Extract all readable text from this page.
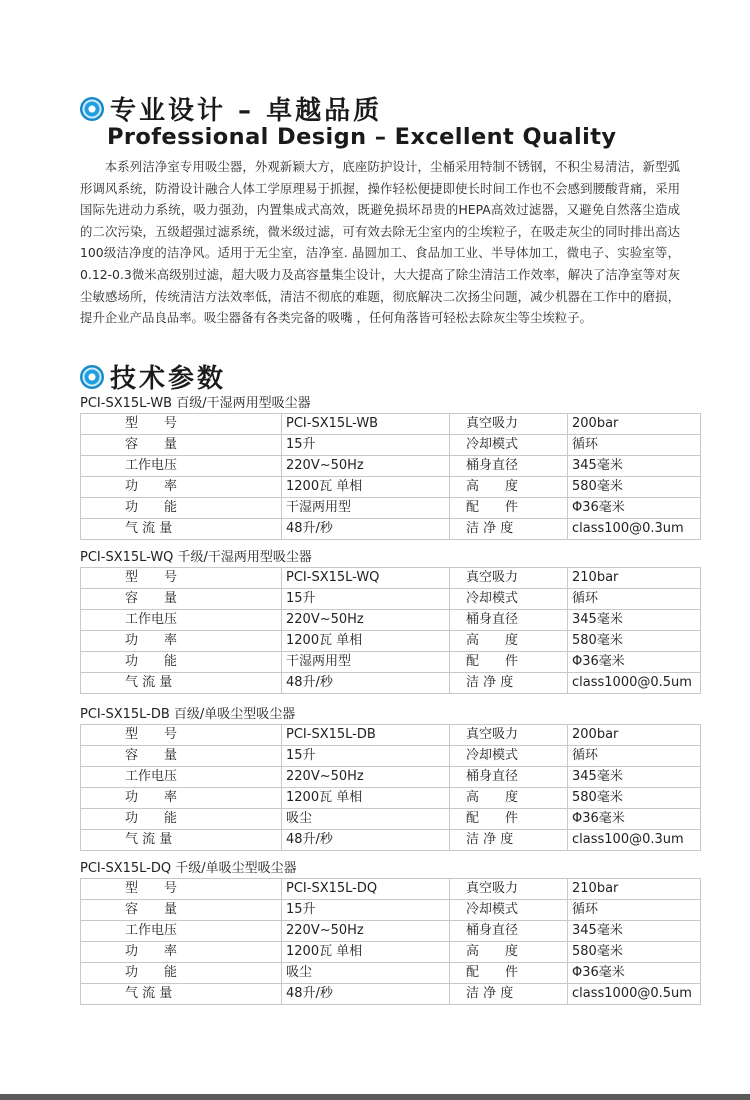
专业设计 – 卓越品质
Professional Design – Excellent Quality

本系列洁净室专用吸尘器，外观新颖大方，底座防护设计，尘桶采用特制不锈钢，不积尘易清洁，新型弧形调风系统，防滑设计融合人体工学原理易于抓握，操作轻松便捷即使长时间工作也不会感到腰酸背痛，采用国际先进动力系统，吸力强劲，内置集成式高效，既避免损坏昂贵的HEPA高效过滤器，又避免自然落尘造成的二次污染，五级超强过滤系统，微米级过滤，可有效去除无尘室内的尘埃粒子，在吸走灰尘的同时排出高达100级洁净度的洁净风。适用于无尘室，洁净室. 晶圆加工、食品加工业、半导体加工，微电子、实验室等，0.12-0.3微米高级别过滤，超大吸力及高容量集尘设计，大大提高了除尘清洁工作效率，解决了洁净室等对灰尘敏感场所，传统清洁方法效率低，清洁不彻底的难题，彻底解决二次扬尘问题，减少机器在工作中的磨损，提升企业产品良品率。吸尘器备有各类完备的吸嘴 ，任何角落皆可轻松去除灰尘等尘埃粒子。

技术参数
PCI-SX15L-WB 百级/干湿两用型吸尘器
型　　号	PCI-SX15L-WB	真空吸力	200bar
容　　量	15升	冷却模式	循环
工作电压	220V~50Hz	桶身直径	345毫米
功　　率	1200瓦 单相	高　　度	580毫米
功　　能	干湿两用型	配　　件	Φ36毫米
气 流 量	48升/秒	洁 净 度	class100@0.3um
PCI-SX15L-WQ 千级/干湿两用型吸尘器
型　　号	PCI-SX15L-WQ	真空吸力	210bar
容　　量	15升	冷却模式	循环
工作电压	220V~50Hz	桶身直径	345毫米
功　　率	1200瓦 单相	高　　度	580毫米
功　　能	干湿两用型	配　　件	Φ36毫米
气 流 量	48升/秒	洁 净 度	class1000@0.5um
PCI-SX15L-DB 百级/单吸尘型吸尘器
型　　号	PCI-SX15L-DB	真空吸力	200bar
容　　量	15升	冷却模式	循环
工作电压	220V~50Hz	桶身直径	345毫米
功　　率	1200瓦 单相	高　　度	580毫米
功　　能	吸尘	配　　件	Φ36毫米
气 流 量	48升/秒	洁 净 度	class100@0.3um
PCI-SX15L-DQ 千级/单吸尘型吸尘器
型　　号	PCI-SX15L-DQ	真空吸力	210bar
容　　量	15升	冷却模式	循环
工作电压	220V~50Hz	桶身直径	345毫米
功　　率	1200瓦 单相	高　　度	580毫米
功　　能	吸尘	配　　件	Φ36毫米
气 流 量	48升/秒	洁 净 度	class1000@0.5um
